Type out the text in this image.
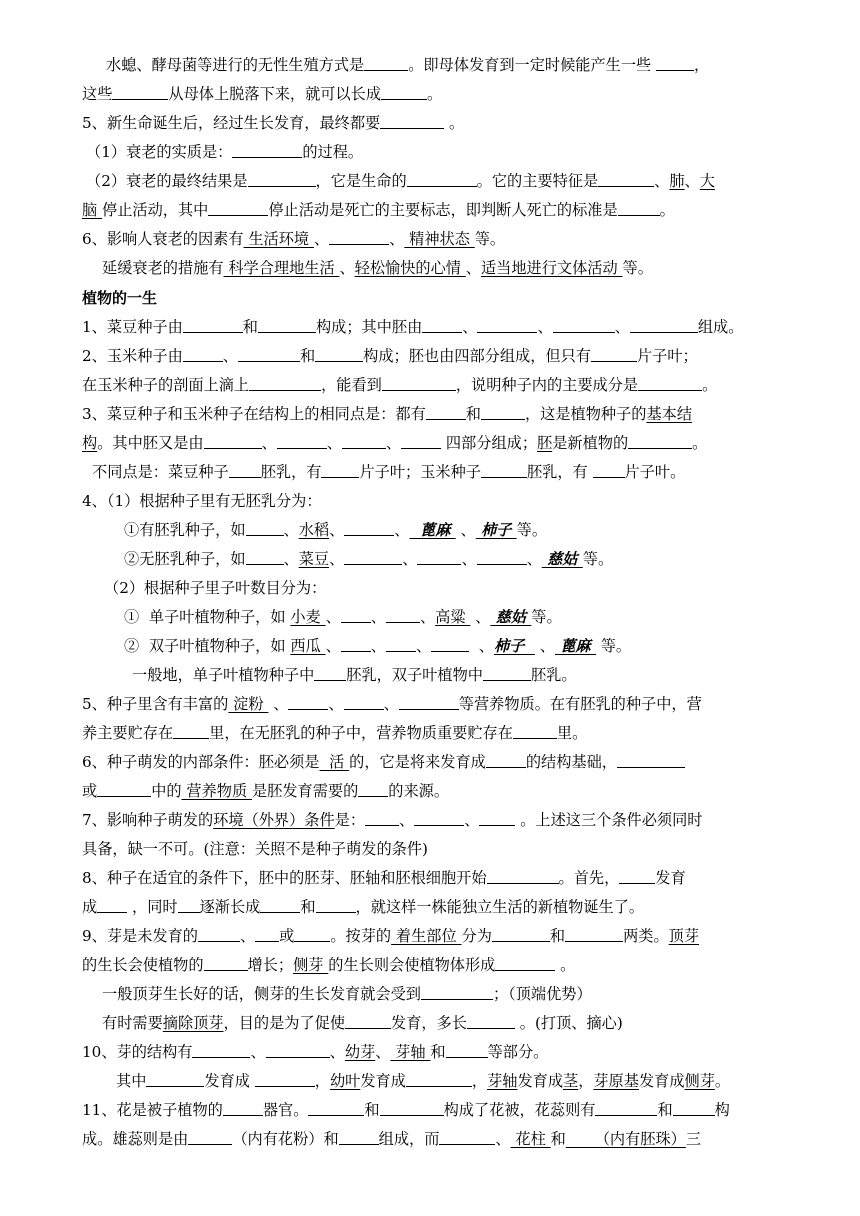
水螅、酵母菌等进行的无性生殖方式是	。即母体发育到一定时候能产生一些	，
这些	从母体上脱落下来，就可以长成	。
5、新生命诞生后，经过生长发育，最终都要	。
（1）衰老的实质是：	的过程。
（2）衰老的最终结果是	，它是生命的	。它的主要特征是	、肺、大
脑 停止活动，其中	停止活动是死亡的主要标志，即判断人死亡的标准是	。
6、影响人衰老的因素有 生活环境 、	、 精神状态 等。
延缓衰老的措施有 科学合理地生活 、轻松愉快的心情 、适当地进行文体活动 等。
植物的一生
1、菜豆种子由	和	构成；其中胚由	、	、	、	组成。
2、玉米种子由	、	和	构成；胚也由四部分组成，但只有	片子叶；
在玉米种子的剖面上滴上	，能看到	，说明种子内的主要成分是	。
3、菜豆种子和玉米种子在结构上的相同点是：都有	和	，这是植物种子的基本结
构。其中胚又是由	、	、	、	四部分组成；胚是新植物的	。
不同点是：菜豆种子 胚乳，有	片子叶；玉米种子	胚乳，有 片子叶。
4、（1）根据种子里有无胚乳分为：
①有胚乳种子，如	、水稻、	、  蓖麻  、 柿子 等。
②无胚乳种子，如	、菜豆、	、	、	、 慈姑 等。
（2）根据种子里子叶数目分为：
①  单子叶植物种子，如 小麦 、 、 、高粱  、 慈姑 等。
②  双子叶植物种子，如 西瓜 、 、 、	、柿子   、 蓖麻  等。
一般地，单子叶植物种子中 胚乳，双子叶植物中	胚乳。
5、种子里含有丰富的 淀粉  、	、	、	等营养物质。在有胚乳的种子中，营
养主要贮存在 里，在无胚乳的种子中，营养物质重要贮存在	里。
6、种子萌发的内部条件：胚必须是  活 的，它是将来发育成	的结构基础，
或	中的 营养物质 是胚发育需要的 的来源。
7、影响种子萌发的环境（外界）条件是： 、	、 。上述这三个条件必须同时
具备，缺一不可。(注意：关照不是种子萌发的条件)
8、种子在适宜的条件下，胚中的胚芽、胚轴和胚根细胞开始	。首先， 发育
成 ，同时 逐渐长成	和	，就这样一株能独立生活的新植物诞生了。
9、芽是未发育的	、 或 。按芽的 着生部位 分为	和	两类。顶芽
的生长会使植物的	增长；侧芽 的生长则会使植物体形成	。
一般顶芽生长好的话，侧芽的生长发育就会受到	；（顶端优势）
有时需要摘除顶芽，目的是为了促使	发育，多长	。(打顶、摘心)
10、芽的结构有	、	、幼芽、 芽轴 和	等部分。
其中	发育成	，幼叶发育成	，芽轴发育成茎，芽原基发育成侧芽。
11、花是被子植物的	器官。	和	构成了花被，花蕊则有	和	构
成。雄蕊则是由	（内有花粉）和	组成，而	、 花柱 和      （内有胚珠）三
